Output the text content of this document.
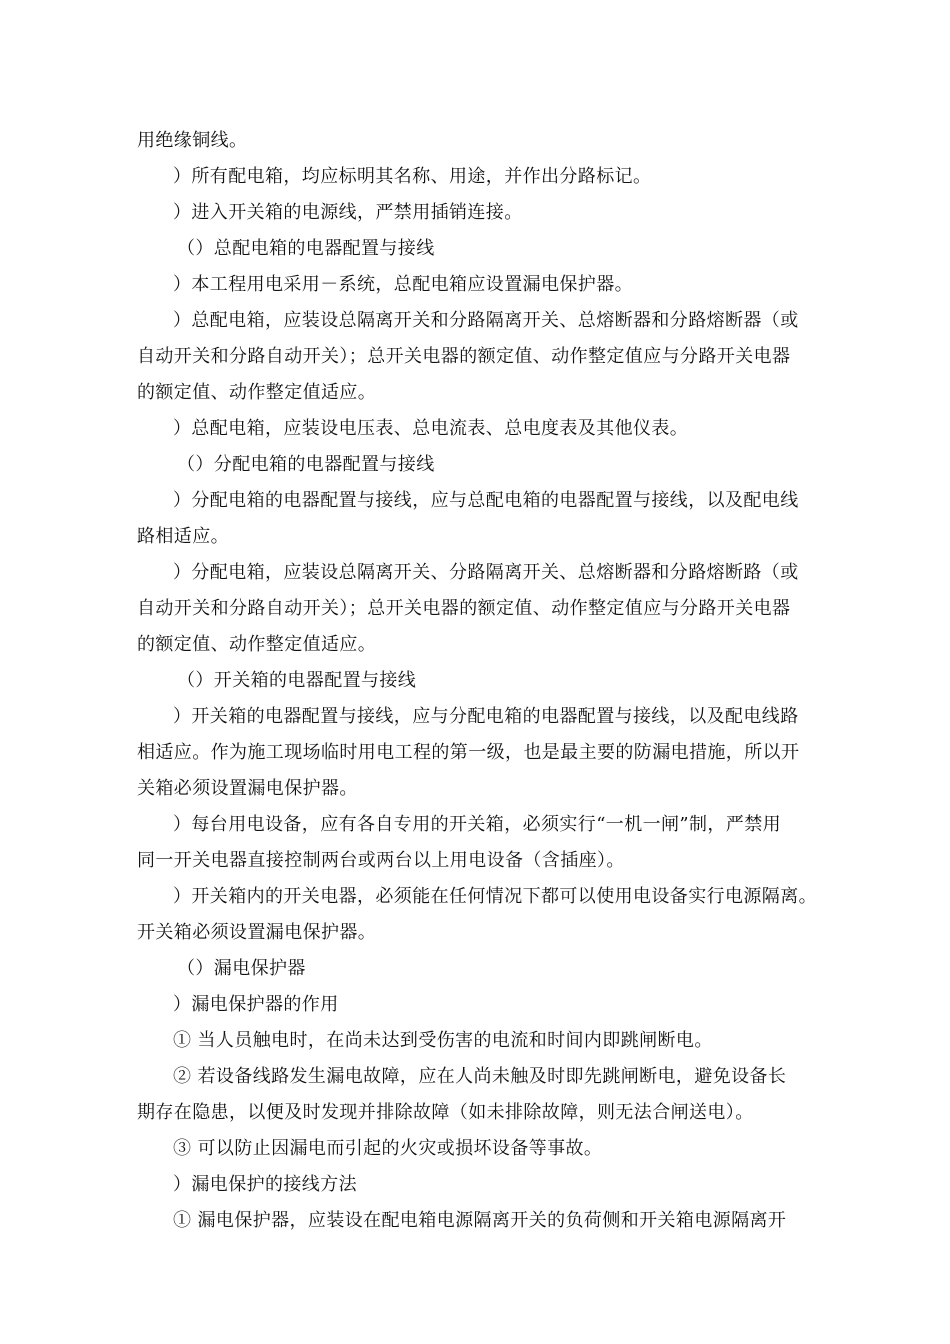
用绝缘铜线。

）所有配电箱，均应标明其名称、用途，并作出分路标记。

）进入开关箱的电源线，严禁用插销连接。

（）总配电箱的电器配置与接线

）本工程用电采用－系统，总配电箱应设置漏电保护器。

）总配电箱，应装设总隔离开关和分路隔离开关、总熔断器和分路熔断器（或

自动开关和分路自动开关）；总开关电器的额定值、动作整定值应与分路开关电器

的额定值、动作整定值适应。

）总配电箱，应装设电压表、总电流表、总电度表及其他仪表。

（）分配电箱的电器配置与接线

）分配电箱的电器配置与接线，应与总配电箱的电器配置与接线，以及配电线

路相适应。

）分配电箱，应装设总隔离开关、分路隔离开关、总熔断器和分路熔断路（或

自动开关和分路自动开关）；总开关电器的额定值、动作整定值应与分路开关电器

的额定值、动作整定值适应。

（）开关箱的电器配置与接线

）开关箱的电器配置与接线，应与分配电箱的电器配置与接线，以及配电线路

相适应。作为施工现场临时用电工程的第一级，也是最主要的防漏电措施，所以开

关箱必须设置漏电保护器。

）每台用电设备，应有各自专用的开关箱，必须实行“一机一闸”制，严禁用

同一开关电器直接控制两台或两台以上用电设备（含插座）。

）开关箱内的开关电器，必须能在任何情况下都可以使用电设备实行电源隔离。

开关箱必须设置漏电保护器。

（）漏电保护器

）漏电保护器的作用

① 当人员触电时，在尚未达到受伤害的电流和时间内即跳闸断电。

② 若设备线路发生漏电故障，应在人尚未触及时即先跳闸断电，避免设备长

期存在隐患，以便及时发现并排除故障（如未排除故障，则无法合闸送电）。

③ 可以防止因漏电而引起的火灾或损坏设备等事故。

）漏电保护的接线方法

① 漏电保护器，应装设在配电箱电源隔离开关的负荷侧和开关箱电源隔离开
